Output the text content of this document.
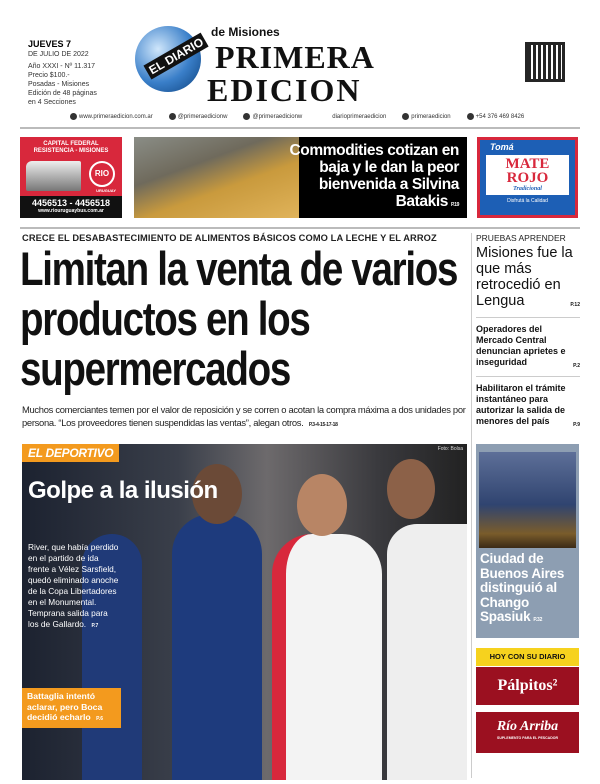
JUEVES 7
DE JULIO DE 2022
Año XXXI - Nº 11.317
Precio $100.-
Posadas - Misiones
Edición de 48 páginas
en 4 Secciones
EL DIARIO
de Misiones
PRIMERA
EDICION
www.primeraedicion.com.ar	@primeraedicionw	@primeraedicionw	diarioprimeraedicion	primeraedicion	+54 376 469 8426
CAPITAL FEDERAL
RESISTENCIA - MISIONES
RIO
URUGUAY
4456513 - 4456518
www.riouruguaybus.com.ar
Commodities cotizan en baja y le dan la peor bienvenida a Silvina Batakis P.19
Tomá
MATE
ROJO
Tradicional
Disfrutá la Calidad
CRECE EL DESABASTECIMIENTO DE ALIMENTOS BÁSICOS COMO LA LECHE Y EL ARROZ
Limitan la venta de varios productos en los supermercados
Muchos comerciantes temen por el valor de reposición y se corren o acotan la compra máxima a dos unidades por persona. “Los proveedores tienen suspendidas las ventas”, alegan otros. P.3-4-15-17-18
PRUEBAS APRENDER
Misiones fue la que más retrocedió en Lengua	P.12
Operadores del Mercado Central denuncian aprietes e inseguridad	P.2
Habilitaron el trámite instantáneo para autorizar la salida de menores del país	P.9
Foto: Bolsa
EL DEPORTIVO
Golpe a la ilusión
River, que había perdido en el partido de ida frente a Vélez Sarsfield, quedó eliminado anoche de la Copa Libertadores en el Monumental. Temprana salida para los de Gallardo. P.7
Battaglia intentó aclarar, pero Boca decidió echarlo P.6
Ciudad de Buenos Aires distinguió al Chango Spasiuk P.32
HOY CON SU DIARIO
Pálpitos²
Río Arriba
SUPLEMENTO PARA EL PESCADOR
